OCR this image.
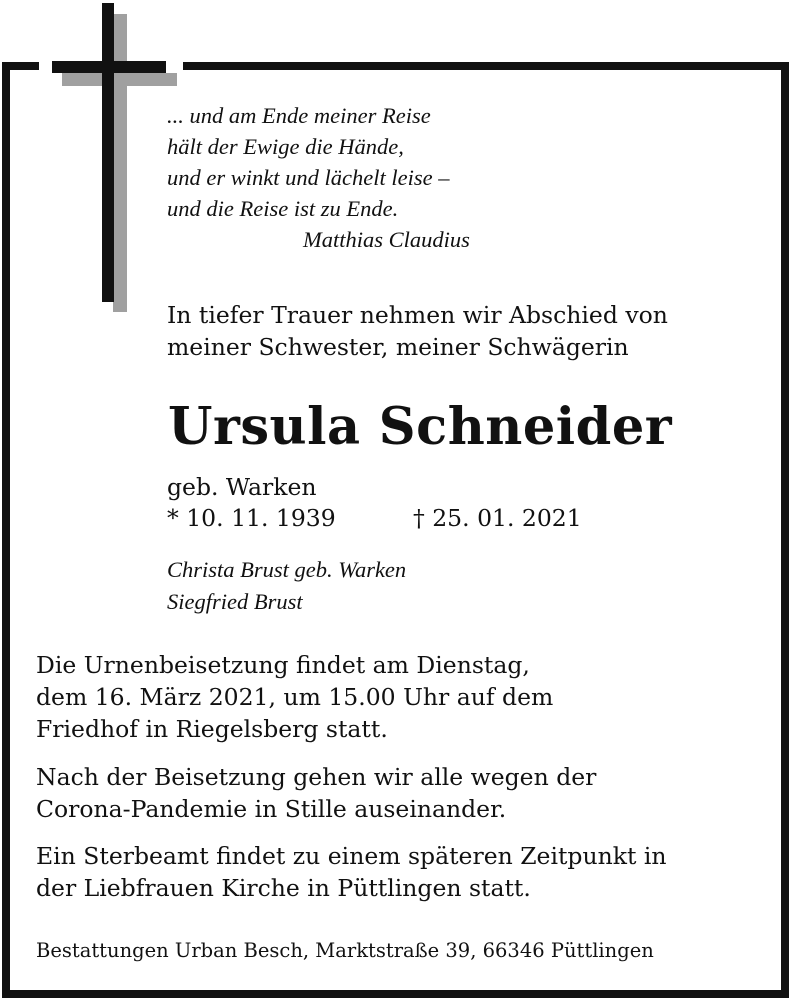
... und am Ende meiner Reise
hält der Ewige die Hände,
und er winkt und lächelt leise –
und die Reise ist zu Ende.
Matthias Claudius
In tiefer Trauer nehmen wir Abschied von
meiner Schwester, meiner Schwägerin
Ursula Schneider
geb. Warken
* 10. 11. 1939	† 25. 01. 2021
Christa Brust geb. Warken
Siegfried Brust
Die Urnenbeisetzung findet am Dienstag,
dem 16. März 2021, um 15.00 Uhr auf dem
Friedhof in Riegelsberg statt.
Nach der Beisetzung gehen wir alle wegen der
Corona-Pandemie in Stille auseinander.
Ein Sterbeamt findet zu einem späteren Zeitpunkt in
der Liebfrauen Kirche in Püttlingen statt.
Bestattungen Urban Besch, Marktstraße 39, 66346 Püttlingen
